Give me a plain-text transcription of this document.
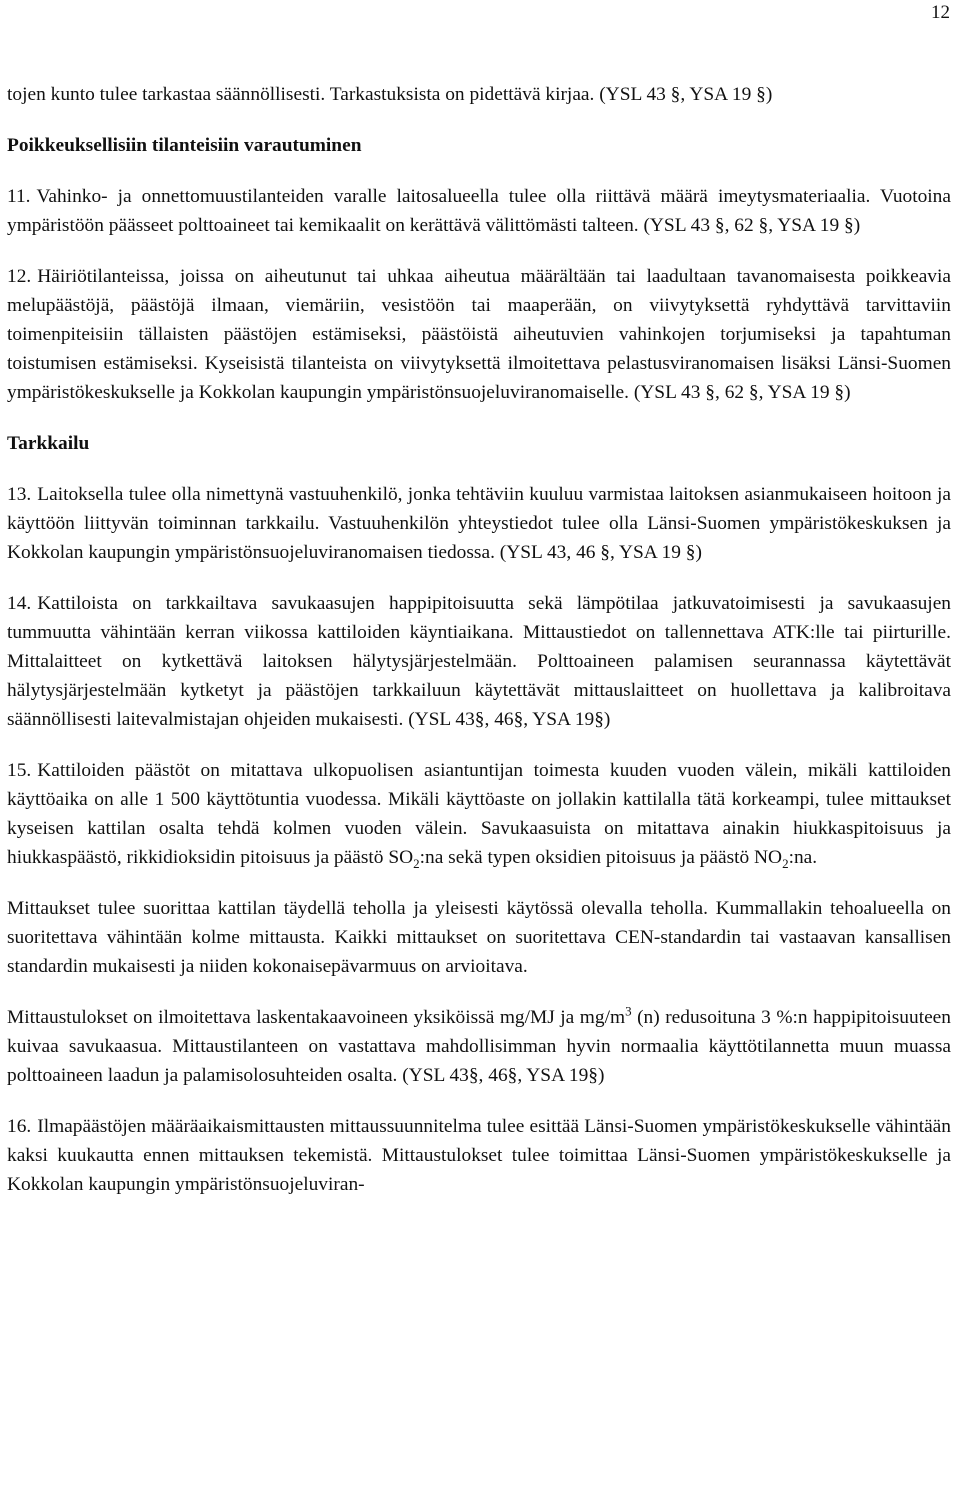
12

tojen kunto tulee tarkastaa säännöllisesti. Tarkastuksista on pidettävä kirjaa. (YSL 43 §, YSA 19 §)

Poikkeuksellisiin tilanteisiin varautuminen

11. Vahinko- ja onnettomuustilanteiden varalle laitosalueella tulee olla riittävä määrä imeytysmateriaalia. Vuotoina ympäristöön päässeet polttoaineet tai kemikaalit on kerättävä välittömästi talteen. (YSL 43 §, 62 §, YSA 19 §)

12. Häiriötilanteissa, joissa on aiheutunut tai uhkaa aiheutua määrältään tai laadultaan tavanomaisesta poikkeavia melupäästöjä, päästöjä ilmaan, viemäriin, vesistöön tai maaperään, on viivytyksettä ryhdyttävä tarvittaviin toimenpiteisiin tällaisten päästöjen estämiseksi, päästöistä aiheutuvien vahinkojen torjumiseksi ja tapahtuman toistumisen estämiseksi. Kyseisistä tilanteista on viivytyksettä ilmoitettava pelastusviranomaisen lisäksi Länsi-Suomen ympäristökeskukselle ja Kokkolan kaupungin ympäristönsuojeluviranomaiselle. (YSL 43 §, 62 §, YSA 19 §)

Tarkkailu

13. Laitoksella tulee olla nimettynä vastuuhenkilö, jonka tehtäviin kuuluu varmistaa laitoksen asianmukaiseen hoitoon ja käyttöön liittyvän toiminnan tarkkailu. Vastuuhenkilön yhteystiedot tulee olla Länsi-Suomen ympäristökeskuksen ja Kokkolan kaupungin ympäristönsuojeluviranomaisen tiedossa. (YSL 43, 46 §, YSA 19 §)

14. Kattiloista on tarkkailtava savukaasujen happipitoisuutta sekä lämpötilaa jatkuvatoimisesti ja savukaasujen tummuutta vähintään kerran viikossa kattiloiden käyntiaikana. Mittaustiedot on tallennettava ATK:lle tai piirturille. Mittalaitteet on kytkettävä laitoksen hälytysjärjestelmään. Polttoaineen palamisen seurannassa käytettävät hälytysjärjestelmään kytketyt ja päästöjen tarkkailuun käytettävät mittauslaitteet on huollettava ja kalibroitava säännöllisesti laitevalmistajan ohjeiden mukaisesti. (YSL 43§, 46§, YSA 19§)

15. Kattiloiden päästöt on mitattava ulkopuolisen asiantuntijan toimesta kuuden vuoden välein, mikäli kattiloiden käyttöaika on alle 1 500 käyttötuntia vuodessa. Mikäli käyttöaste on jollakin kattilalla tätä korkeampi, tulee mittaukset kyseisen kattilan osalta tehdä kolmen vuoden välein. Savukaasuista on mitattava ainakin hiukkaspitoisuus ja hiukkaspäästö, rikkidioksidin pitoisuus ja päästö $SO_2:na$ sekä typen oksidien pitoisuus ja päästö $NO_2:na$.

Mittaukset tulee suorittaa kattilan täydellä teholla ja yleisesti käytössä olevalla teholla. Kummallakin tehoalueella on suoritettava vähintään kolme mittausta. Kaikki mittaukset on suoritettava CEN-standardin tai vastaavan kansallisen standardin mukaisesti ja niiden kokonaisepävarmuus on arvioitava.

Mittaustulokset on ilmoitettava laskentakaavoineen yksiköissä mg/MJ ja $mg/m^3$ (n) redusoituna 3 %:n happipitoisuuteen kuivaa savukaasua. Mittaustilanteen on vastattava mahdollisimman hyvin normaalia käyttötilannetta muun muassa polttoaineen laadun ja palamisolosuhteiden osalta. (YSL 43§, 46§, YSA 19§)

16. Ilmapäästöjen määräaikaismittausten mittaussuunnitelma tulee esittää Länsi-Suomen ympäristökeskukselle vähintään kaksi kuukautta ennen mittauksen tekemistä. Mittaustulokset tulee toimittaa Länsi-Suomen ympäristökeskukselle ja Kokkolan kaupungin ympäristönsuojeluviran-
